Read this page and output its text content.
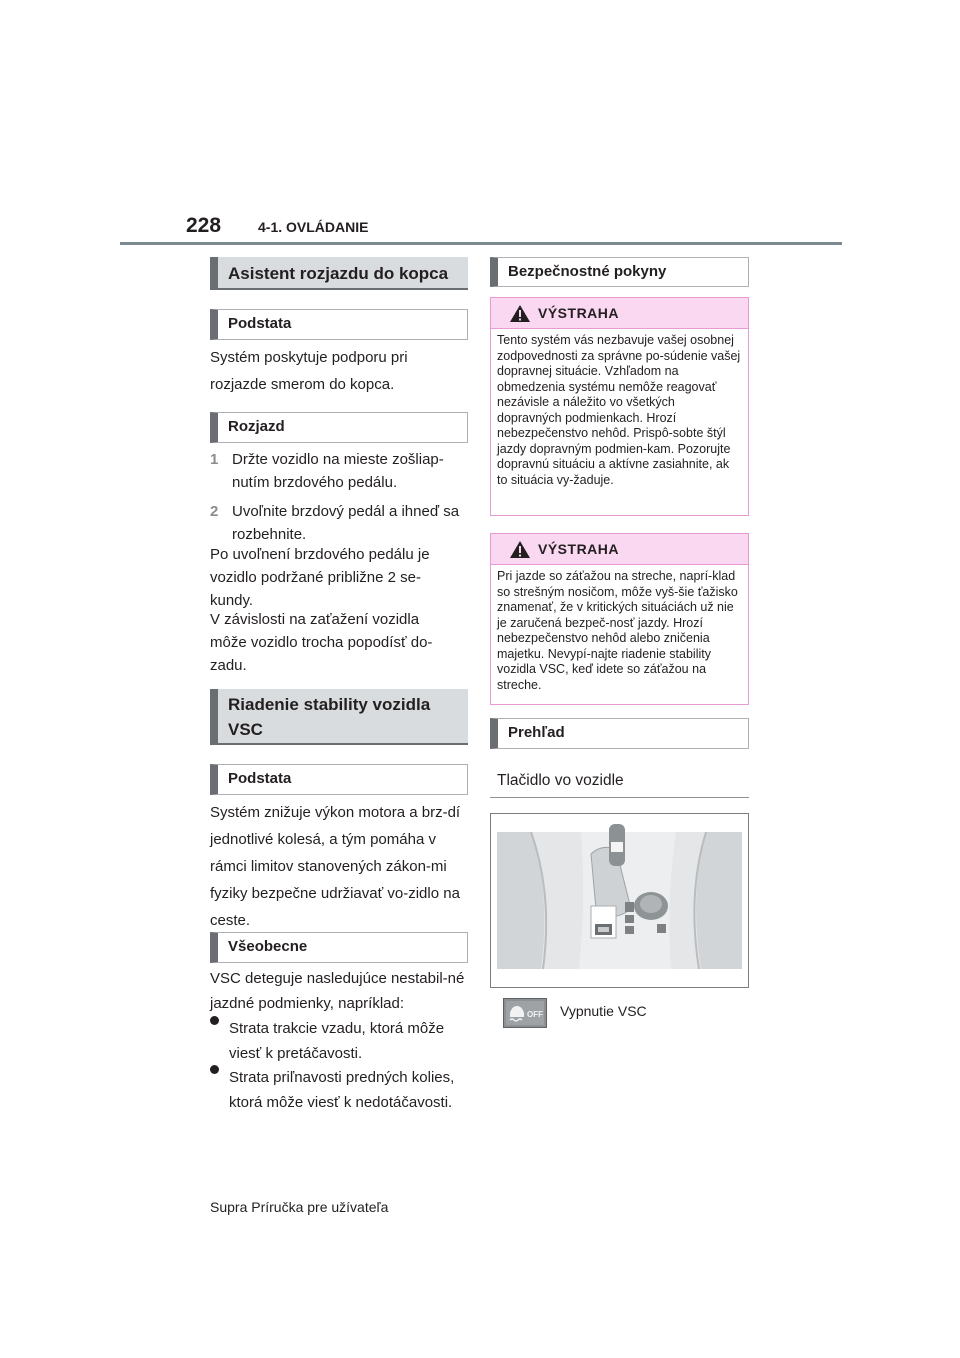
228	4-1. OVLÁDANIE
Asistent rozjazdu do kopca
Podstata
Systém poskytuje podporu pri rozjazde smerom do kopca.
Rozjazd
1 Držte vozidlo na mieste zošliap-nutím brzdového pedálu.
2 Uvoľnite brzdový pedál a ihneď sa rozbehnite.
Po uvoľnení brzdového pedálu je vozidlo podržané približne 2 se-kundy.
V závislosti na zaťažení vozidla môže vozidlo trocha popodísť do-zadu.
Riadenie stability vozidla VSC
Podstata
Systém znižuje výkon motora a brz-dí jednotlivé kolesá, a tým pomáha v rámci limitov stanovených zákon-mi fyziky bezpečne udržiavať vo-zidlo na ceste.
Všeobecne
VSC deteguje nasledujúce nestabil-né jazdné podmienky, napríklad:
Strata trakcie vzadu, ktorá môže viesť k pretáčavosti.
Strata priľnavosti predných kolies, ktorá môže viesť k nedotáčavosti.
Bezpečnostné pokyny
VÝSTRAHA
Tento systém vás nezbavuje vašej osobnej zodpovednosti za správne po-súdenie vašej dopravnej situácie. Vzhľadom na obmedzenia systému nemôže reagovať nezávisle a náležito vo všetkých dopravných podmienkach. Hrozí nebezpečenstvo nehôd. Prispô-sobte štýl jazdy dopravným podmien-kam. Pozorujte dopravnú situáciu a aktívne zasiahnite, ak to situácia vy-žaduje.
VÝSTRAHA
Pri jazde so záťažou na streche, naprí-klad so strešným nosičom, môže vyš-šie ťažisko znamenať, že v kritických situáciách už nie je zaručená bezpeč-nosť jazdy. Hrozí nebezpečenstvo nehôd alebo zničenia majetku. Nevypí-najte riadenie stability vozidla VSC, keď idete so záťažou na streche.
Prehľad
Tlačidlo vo vozidle
OFF Vypnutie VSC
Supra Príručka pre užívateľa
